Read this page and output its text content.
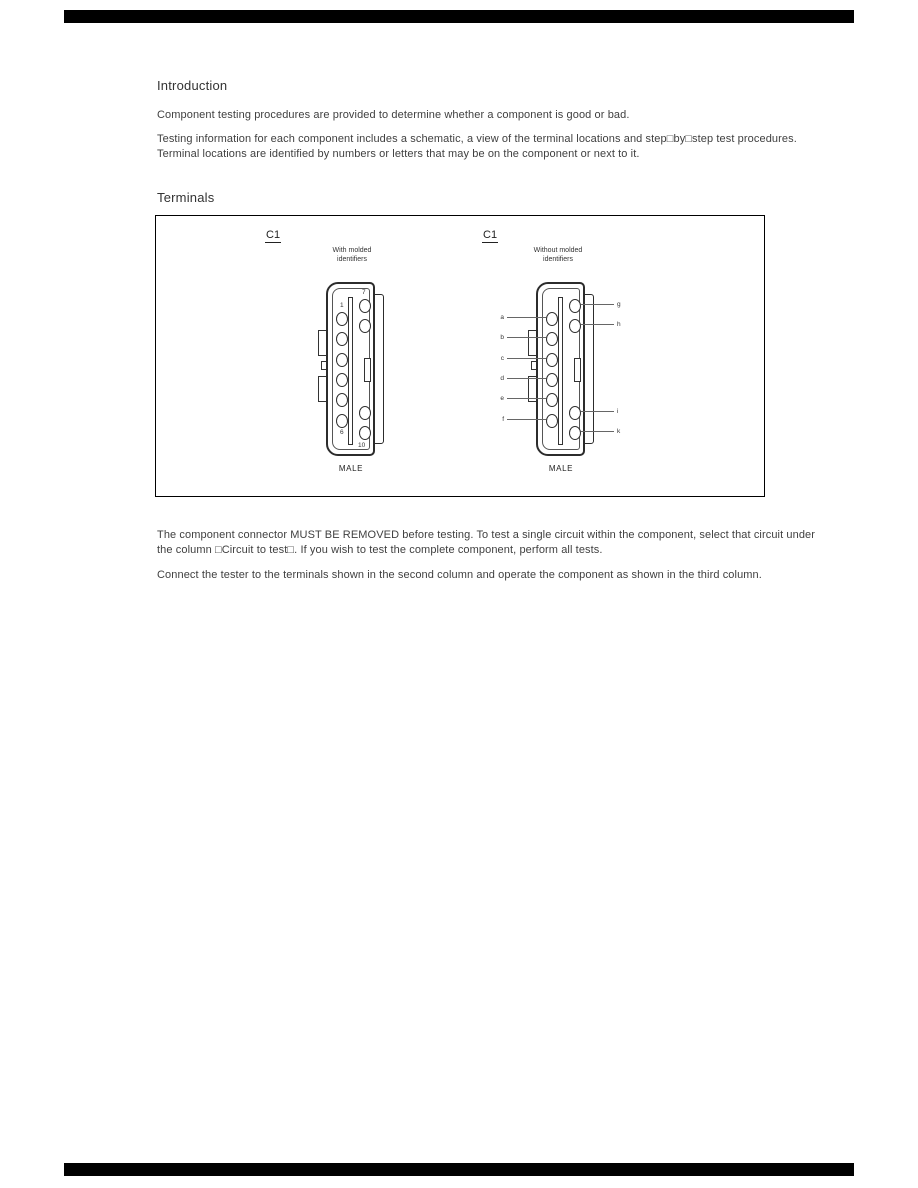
Introduction
Component testing procedures are provided to determine whether a component is good or bad.
Testing information for each component includes a schematic, a view of the terminal locations and step□by□step test procedures.
Terminal locations are identified by numbers or letters that may be on the component or next to it.
Terminals
C1
With molded
identifiers
1
7
6
10
MALE
C1
Without molded
identifiers
a
b
c
d
e
f
g
h
i
k
MALE
The component connector MUST BE REMOVED before testing. To test a single circuit within the component, select that circuit under
the column □Circuit to test□. If you wish to test the complete component, perform all tests.
Connect the tester to the terminals shown in the second column and operate the component as shown in the third column.
